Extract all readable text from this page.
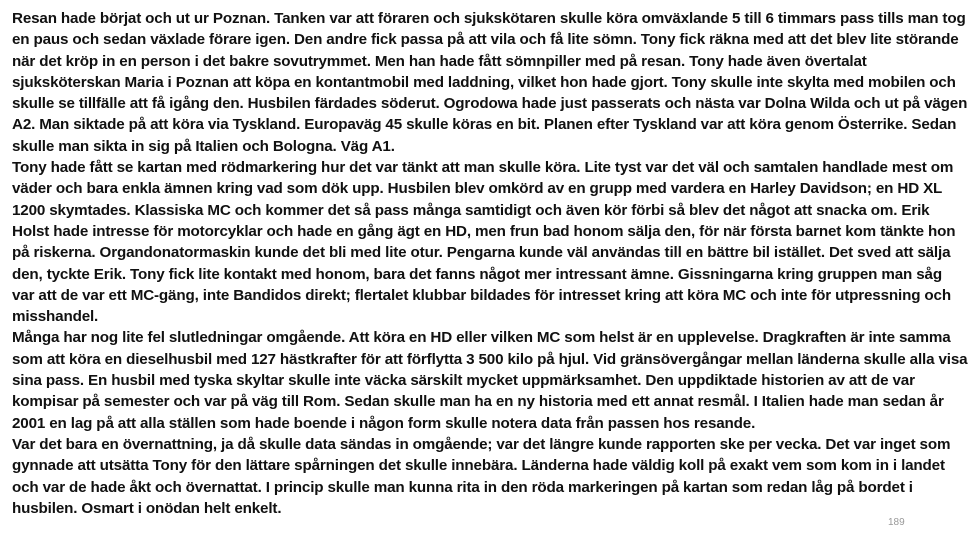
Resan hade börjat och ut ur Poznan. Tanken var att föraren och sjukskötaren skulle köra omväxlande 5 till 6 timmars pass tills man tog en paus och sedan växlade förare igen. Den andre fick passa på att vila och få lite sömn. Tony fick räkna med att det blev lite störande när det kröp in en person i det bakre sovutrymmet. Men han hade fått sömnpiller med på resan. Tony hade även övertalat sjuksköterskan Maria i Poznan att köpa en kontantmobil med laddning, vilket hon hade gjort. Tony skulle inte skylta med mobilen och skulle se tillfälle att få igång den. Husbilen färdades söderut. Ogrodowa hade just passerats och nästa var Dolna Wilda och ut på vägen A2. Man siktade på att köra via Tyskland. Europaväg 45 skulle köras en bit. Planen efter Tyskland var att köra genom Österrike. Sedan skulle man sikta in sig på Italien och Bologna. Väg A1.

Tony hade fått se kartan med rödmarkering hur det var tänkt att man skulle köra. Lite tyst var det väl och samtalen handlade mest om väder och bara enkla ämnen kring vad som dök upp. Husbilen blev omkörd av en grupp med vardera en Harley Davidson; en HD XL 1200 skymtades. Klassiska MC och kommer det så pass många samtidigt och även kör förbi så blev det något att snacka om. Erik Holst hade intresse för motorcyklar och hade en gång ägt en HD, men frun bad honom sälja den, för när första barnet kom tänkte hon på riskerna. Organdonatormaskin kunde det bli med lite otur. Pengarna kunde väl användas till en bättre bil istället. Det sved att sälja den, tyckte Erik. Tony fick lite kontakt med honom, bara det fanns något mer intressant ämne. Gissningarna kring gruppen man såg var att de var ett MC-gäng, inte Bandidos direkt; flertalet klubbar bildades för intresset kring att köra MC och inte för utpressning och misshandel.

Många har nog lite fel slutledningar omgående. Att köra en HD eller vilken MC som helst är en upplevelse. Dragkraften är inte samma som att köra en dieselhusbil med 127 hästkrafter för att förflytta 3 500 kilo på hjul. Vid gränsövergångar mellan länderna skulle alla visa sina pass. En husbil med tyska skyltar skulle inte väcka särskilt mycket uppmärksamhet. Den uppdiktade historien av att de var kompisar på semester och var på väg till Rom. Sedan skulle man ha en ny historia med ett annat resmål. I Italien hade man sedan år 2001 en lag på att alla ställen som hade boende i någon form skulle notera data från passen hos resande.

Var det bara en övernattning, ja då skulle data sändas in omgående; var det längre kunde rapporten ske per vecka. Det var inget som gynnade att utsätta Tony för den lättare spårningen det skulle innebära. Länderna hade väldig koll på exakt vem som kom in i landet och var de hade åkt och övernattat. I princip skulle man kunna rita in den röda markeringen på kartan som redan låg på bordet i husbilen. Osmart i onödan helt enkelt.

189
